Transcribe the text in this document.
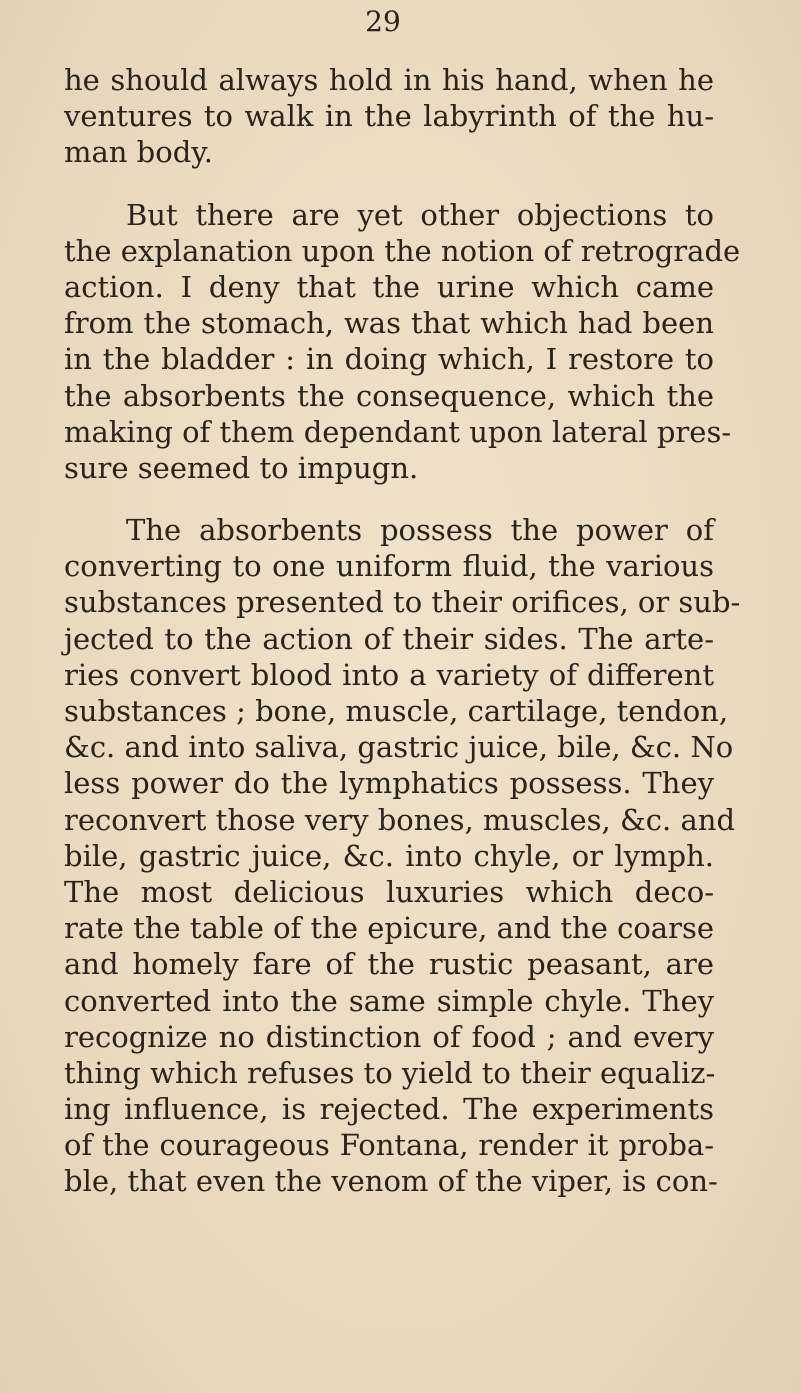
29
he should always hold in his hand, when he
ventures to walk in the labyrinth of the hu-
man body.
But there are yet other objections to
the explanation upon the notion of retrograde
action. I deny that the urine which came
from the stomach, was that which had been
in the bladder : in doing which, I restore to
the absorbents the consequence, which the
making of them dependant upon lateral pres-
sure seemed to impugn.
The absorbents possess the power of
converting to one uniform fluid, the various
substances presented to their orifices, or sub-
jected to the action of their sides. The arte-
ries convert blood into a variety of different
substances ; bone, muscle, cartilage, tendon,
&c. and into saliva, gastric juice, bile, &c. No
less power do the lymphatics possess. They
reconvert those very bones, muscles, &c. and
bile, gastric juice, &c. into chyle, or lymph.
The most delicious luxuries which deco-
rate the table of the epicure, and the coarse
and homely fare of the rustic peasant, are
converted into the same simple chyle. They
recognize no distinction of food ; and every
thing which refuses to yield to their equaliz-
ing influence, is rejected. The experiments
of the courageous Fontana, render it proba-
ble, that even the venom of the viper, is con-
